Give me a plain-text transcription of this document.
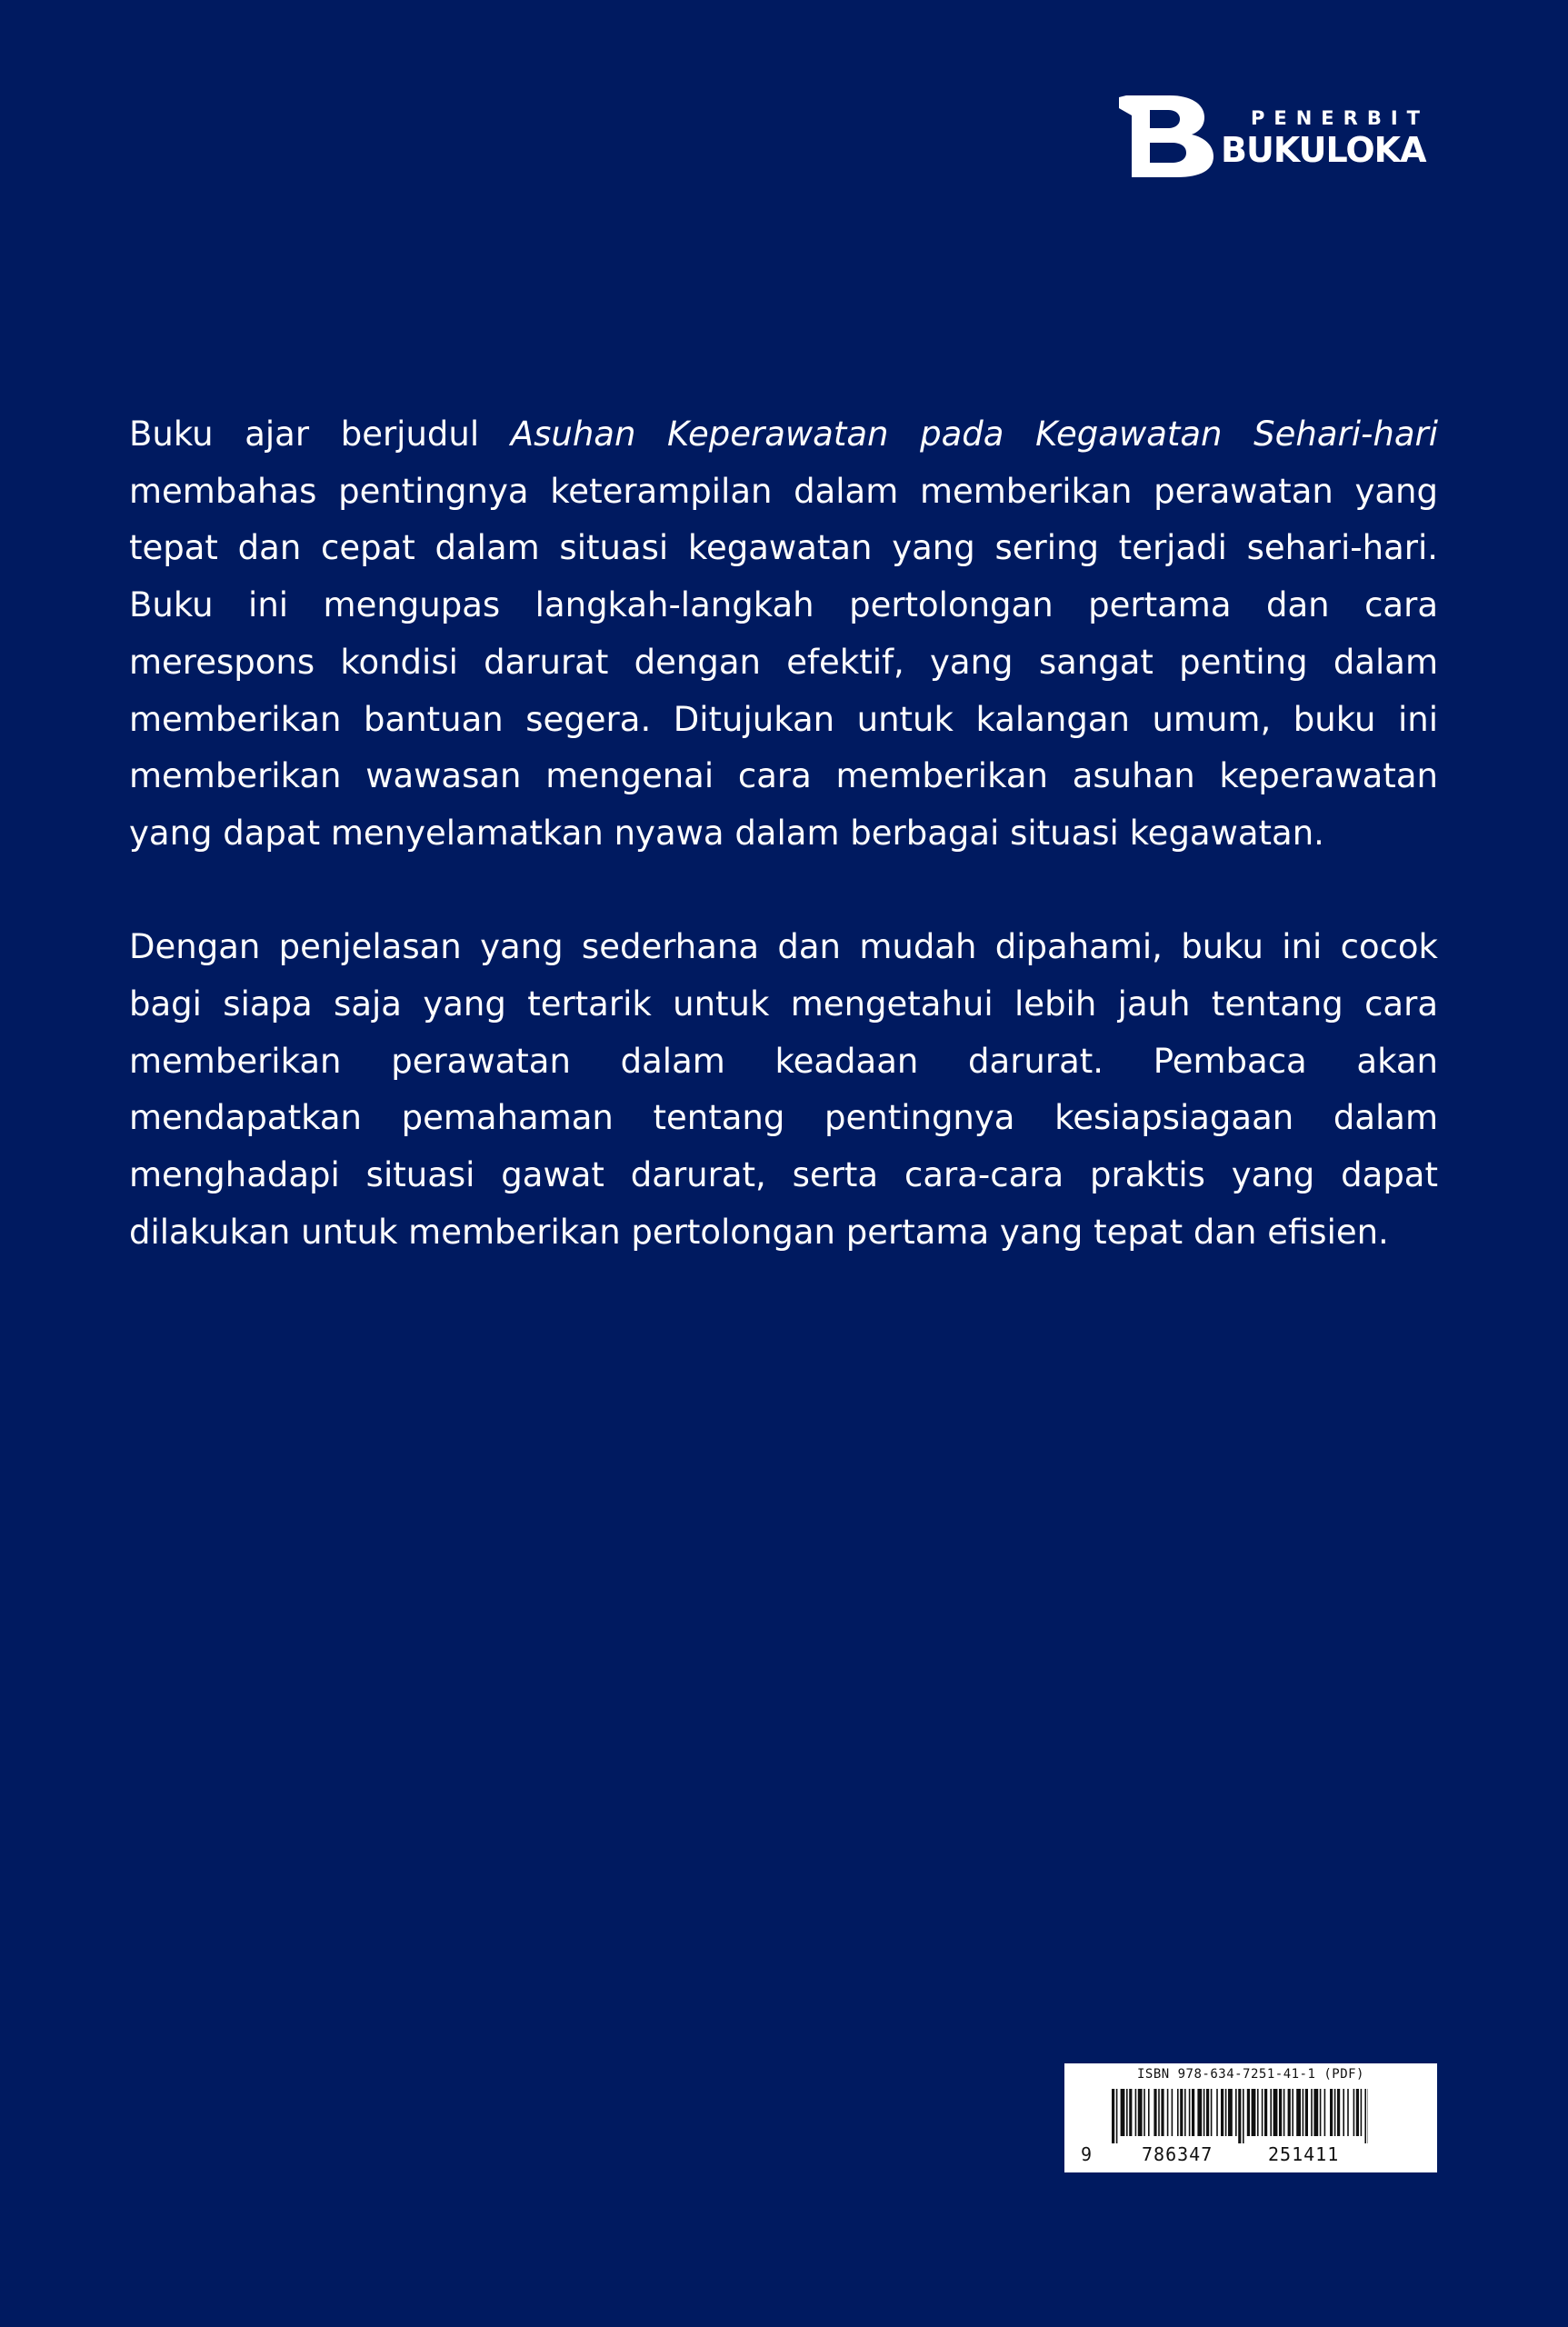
PENERBIT
BUKULOKA

Buku ajar berjudul Asuhan Keperawatan pada Kegawatan Sehari-hari membahas pentingnya keterampilan dalam memberikan perawatan yang tepat dan cepat dalam situasi kegawatan yang sering terjadi sehari-hari. Buku ini mengupas langkah-langkah pertolongan pertama dan cara merespons kondisi darurat dengan efektif, yang sangat penting dalam memberikan bantuan segera. Ditujukan untuk kalangan umum, buku ini memberikan wawasan mengenai cara memberikan asuhan keperawatan yang dapat menyelamatkan nyawa dalam berbagai situasi kegawatan.

Dengan penjelasan yang sederhana dan mudah dipahami, buku ini cocok bagi siapa saja yang tertarik untuk mengetahui lebih jauh tentang cara memberikan perawatan dalam keadaan darurat. Pembaca akan mendapatkan pemahaman tentang pentingnya kesiapsiagaan dalam menghadapi situasi gawat darurat, serta cara-cara praktis yang dapat dilakukan untuk memberikan pertolongan pertama yang tepat dan efisien.

ISBN 978-634-7251-41-1 (PDF)
9	786347	251411
